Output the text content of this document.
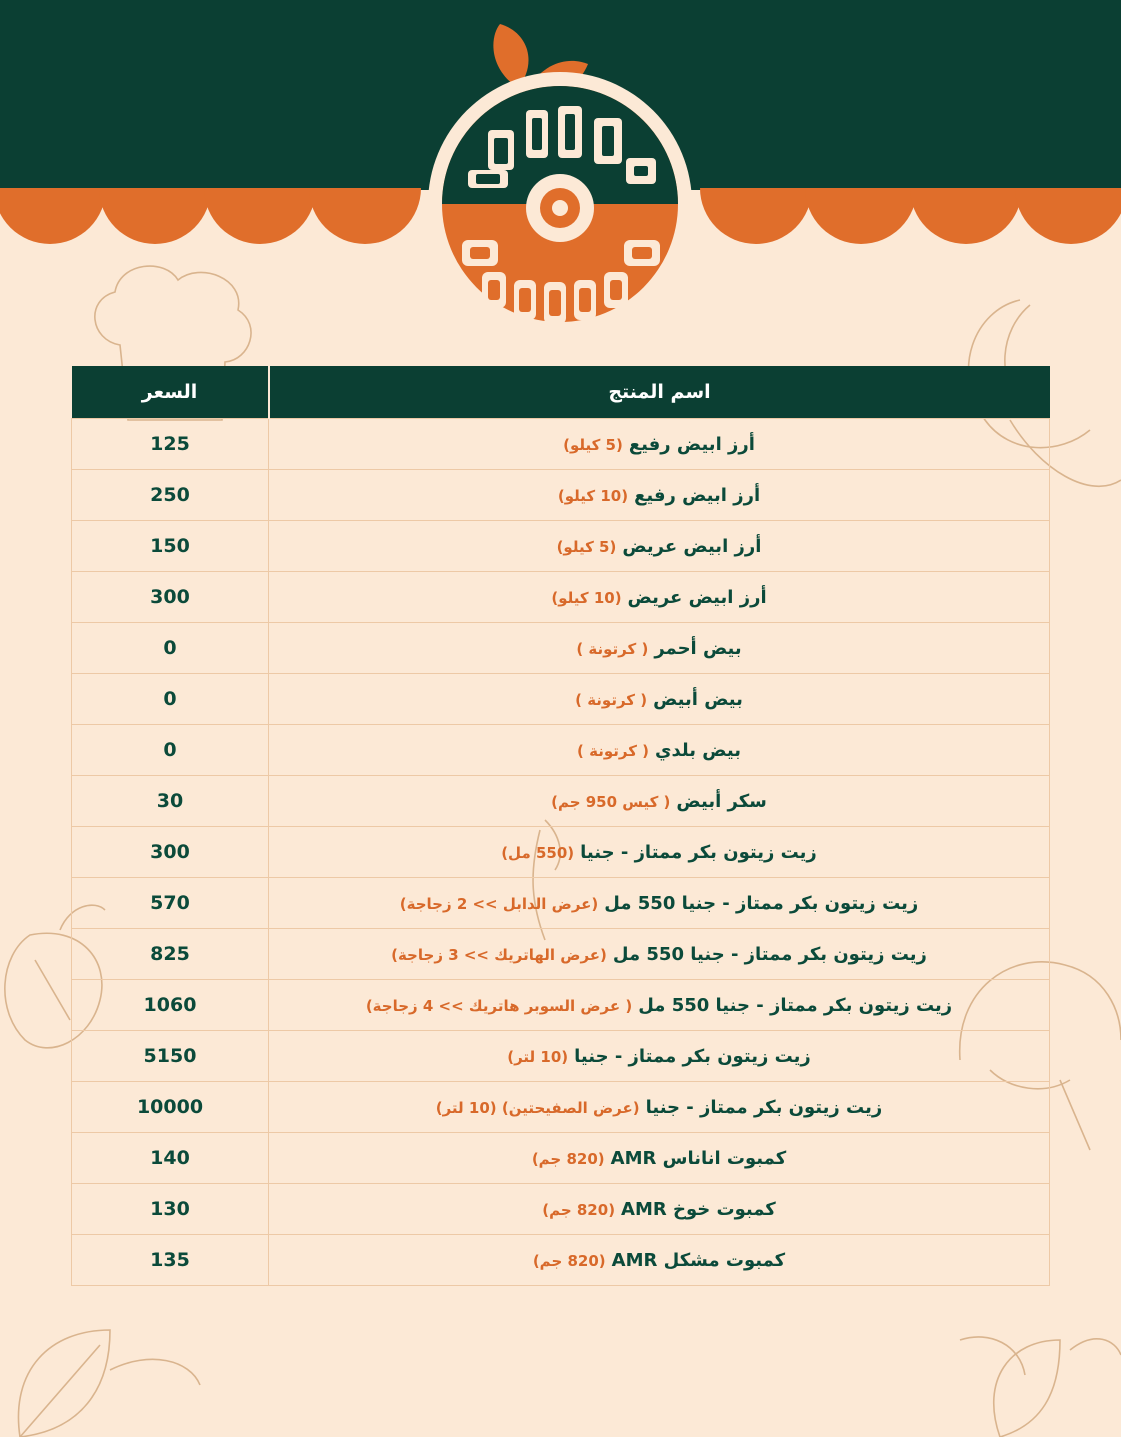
اسم المنتج	السعر
أرز ابيض رفيع(5 كيلو)	125
أرز ابيض رفيع(10 كيلو)	250
أرز ابيض عريض(5 كيلو)	150
أرز ابيض عريض(10 كيلو)	300
بيض أحمر( كرتونة )	0
بيض أبيض( كرتونة )	0
بيض بلدي( كرتونة )	0
سكر أبيض( كيس 950 جم)	30
زيت زيتون بكر ممتاز - جنيا(550 مل)	300
زيت زيتون بكر ممتاز - جنيا 550 مل(عرض الدابل >> 2 زجاجة)	570
زيت زيتون بكر ممتاز - جنيا 550 مل(عرض الهاتريك >> 3 زجاجة)	825
زيت زيتون بكر ممتاز - جنيا 550 مل( عرض السوبر هاتريك >> 4 زجاجة)	1060
زيت زيتون بكر ممتاز - جنيا(10 لتر)	5150
زيت زيتون بكر ممتاز - جنيا(عرض الصفيحتين) (10 لتر)	10000
كمبوت اناناس AMR(820 جم)	140
كمبوت خوخ AMR(820 جم)	130
كمبوت مشكل AMR(820 جم)	135
